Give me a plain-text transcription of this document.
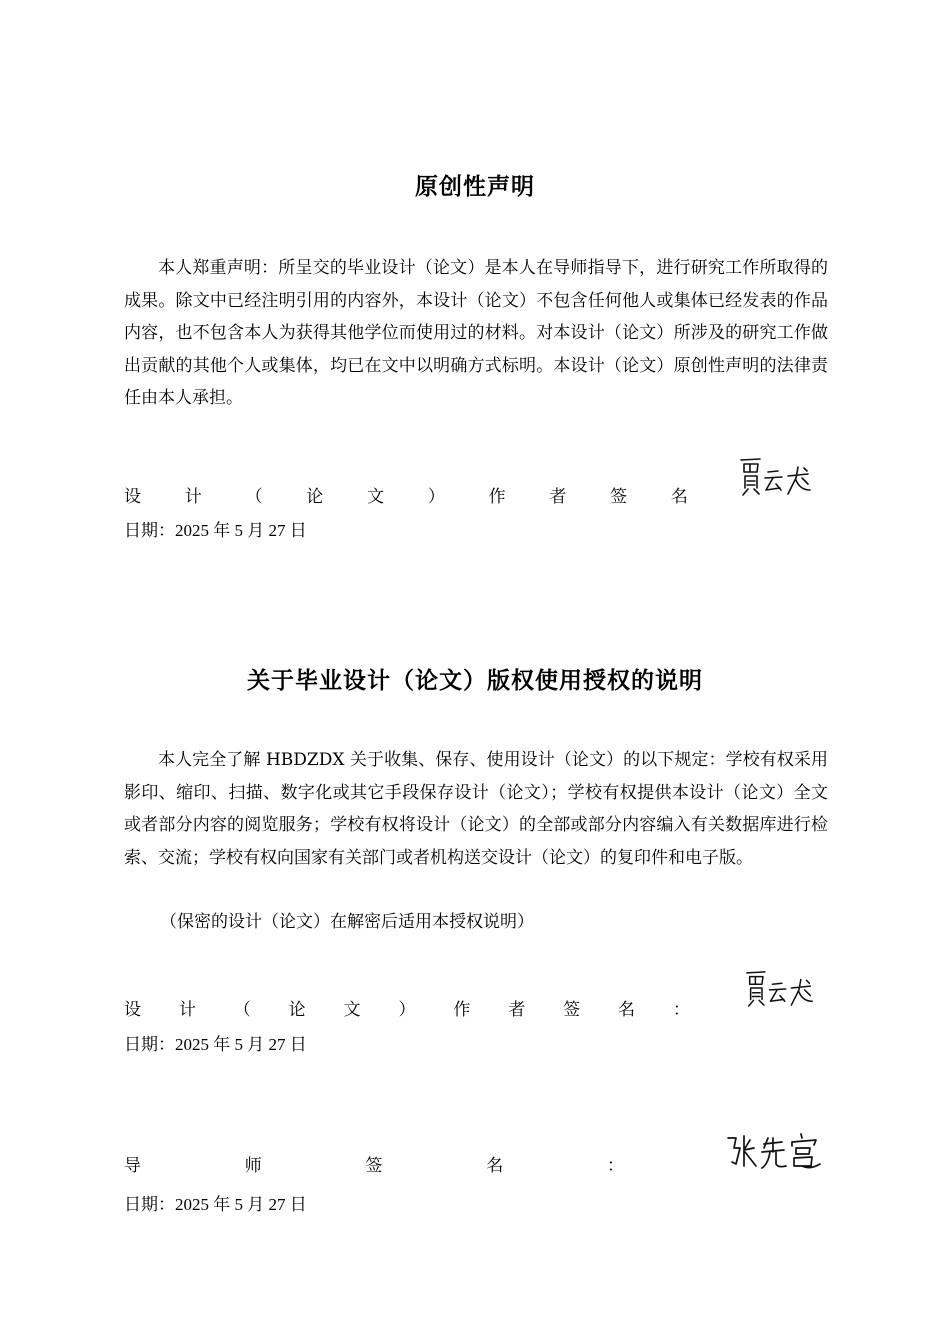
原创性声明

本人郑重声明：所呈交的毕业设计（论文）是本人在导师指导下，进行研究工作所取得的成果。除文中已经注明引用的内容外，本设计（论文）不包含任何他人或集体已经发表的作品内容，也不包含本人为获得其他学位而使用过的材料。对本设计（论文）所涉及的研究工作做出贡献的其他个人或集体，均已在文中以明确方式标明。本设计（论文）原创性声明的法律责任由本人承担。

设	计	（	论	文	）	作	者	签	名
日期：2025 年 5 月 27 日
关于毕业设计（论文）版权使用授权的说明

本人完全了解 HBDZDX 关于收集、保存、使用设计（论文）的以下规定：学校有权采用影印、缩印、扫描、数字化或其它手段保存设计（论文）；学校有权提供本设计（论文）全文或者部分内容的阅览服务；学校有权将设计（论文）的全部或部分内容编入有关数据库进行检索、交流；学校有权向国家有关部门或者机构送交设计（论文）的复印件和电子版。

（保密的设计（论文）在解密后适用本授权说明）
设 计 （ 论 文 ） 作 者 签 名 ：
日期：2025 年 5 月 27 日
导	师	签	名	：
日期：2025 年 5 月 27 日
